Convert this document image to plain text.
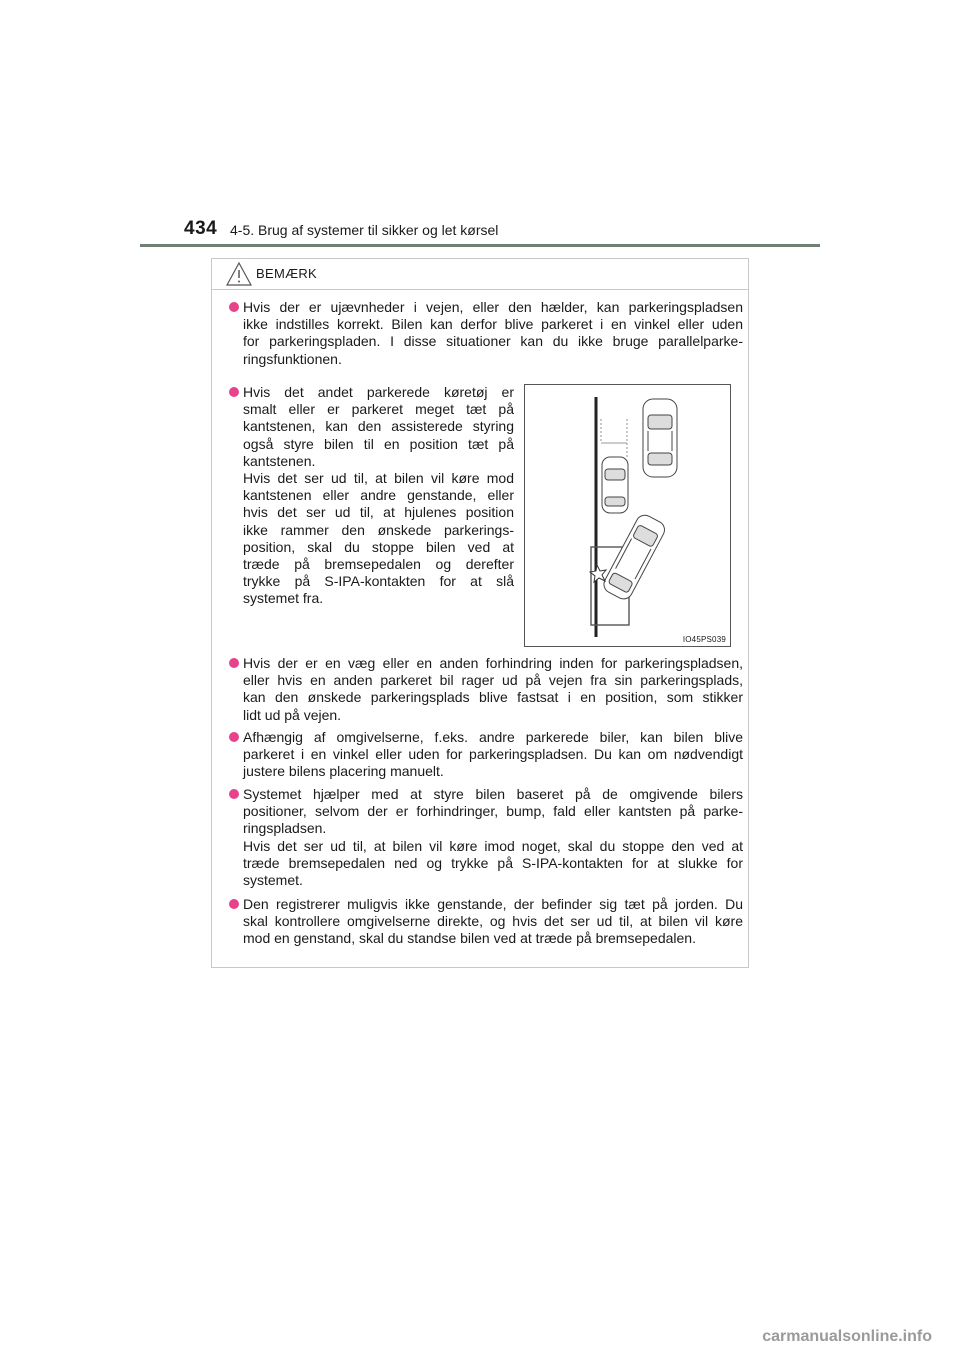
434 4-5. Brug af systemer til sikker og let kørsel
BEMÆRK

Hvis der er ujævnheder i vejen, eller den hælder, kan parkeringspladsen

ikke indstilles korrekt. Bilen kan derfor blive parkeret i en vinkel eller uden

for parkeringspladen. I disse situationer kan du ikke bruge parallelparke-

ringsfunktionen.

Hvis det andet parkerede køretøj er

smalt eller er parkeret meget tæt på

kantstenen, kan den assisterede styring

også styre bilen til en position tæt på

kantstenen.

Hvis det ser ud til, at bilen vil køre mod

kantstenen eller andre genstande, eller

hvis det ser ud til, at hjulenes position

ikke rammer den ønskede parkerings-

position, skal du stoppe bilen ved at

træde på bremsepedalen og derefter

trykke på S-IPA-kontakten for at slå

systemet fra.

IO45PS039

Hvis der er en væg eller en anden forhindring inden for parkeringspladsen,

eller hvis en anden parkeret bil rager ud på vejen fra sin parkeringsplads,

kan den ønskede parkeringsplads blive fastsat i en position, som stikker

lidt ud på vejen.

Afhængig af omgivelserne, f.eks. andre parkerede biler, kan bilen blive

parkeret i en vinkel eller uden for parkeringspladsen. Du kan om nødvendigt

justere bilens placering manuelt.

Systemet hjælper med at styre bilen baseret på de omgivende bilers

positioner, selvom der er forhindringer, bump, fald eller kantsten på parke-

ringspladsen.

Hvis det ser ud til, at bilen vil køre imod noget, skal du stoppe den ved at

træde bremsepedalen ned og trykke på S-IPA-kontakten for at slukke for

systemet.

Den registrerer muligvis ikke genstande, der befinder sig tæt på jorden. Du

skal kontrollere omgivelserne direkte, og hvis det ser ud til, at bilen vil køre

mod en genstand, skal du standse bilen ved at træde på bremsepedalen.

carmanualsonline.info
